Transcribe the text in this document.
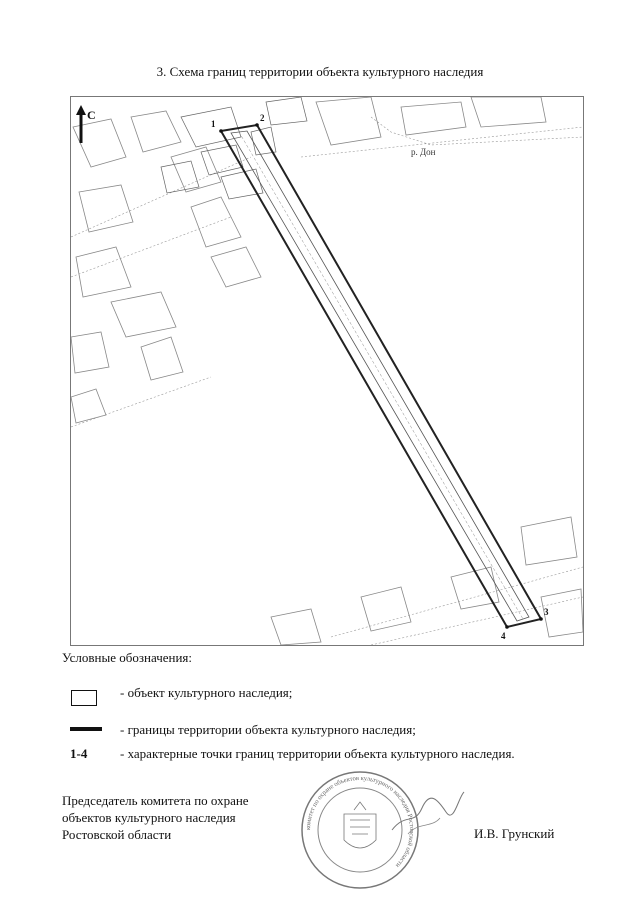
3. Схема границ территории объекта культурного наследия
р. Дон
1
2
3
4
С
Условные обозначения:
- объект культурного наследия;
- границы территории объекта культурного наследия;
1-4	- характерные точки границ территории объекта культурного наследия.
Председатель комитета по охране
объектов культурного наследия
Ростовской области	И.В. Грунский
комитет по охране объектов культурного наследия Ростовской области
